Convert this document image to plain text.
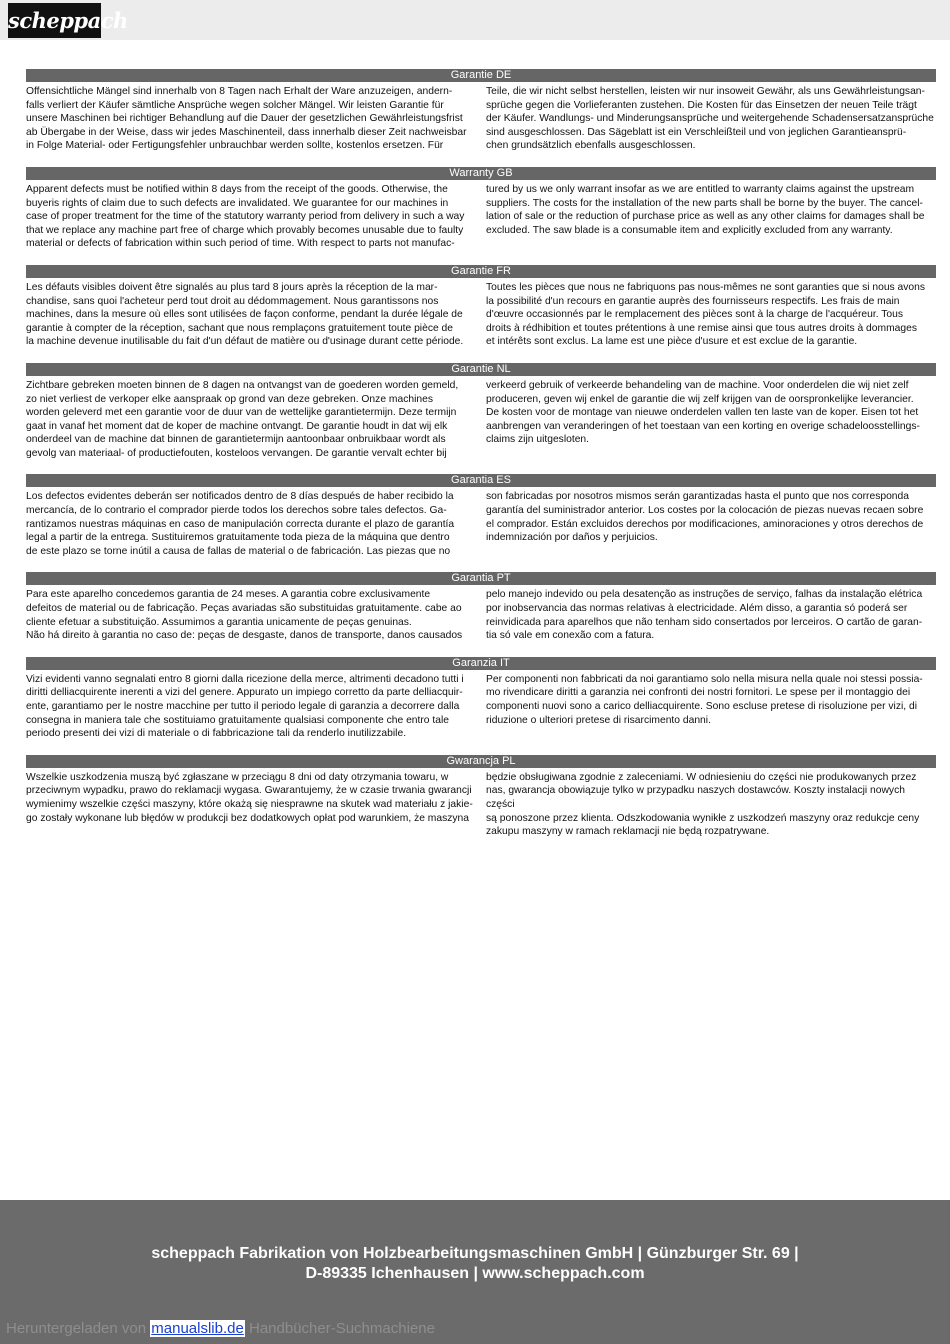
scheppach
Garantie DE
Offensichtliche Mängel sind innerhalb von 8 Tagen nach Erhalt der Ware anzuzeigen, andern-
falls verliert der Käufer sämtliche Ansprüche wegen solcher Mängel. Wir leisten Garantie für
unsere Maschinen bei richtiger Behandlung auf die Dauer der gesetzlichen Gewährleistungsfrist
ab Übergabe in der Weise, dass wir jedes Maschinenteil, dass innerhalb dieser Zeit nachweisbar
in Folge Material- oder Fertigungsfehler unbrauchbar werden sollte, kostenlos ersetzen. Für
Teile, die wir nicht selbst herstellen, leisten wir nur insoweit Gewähr, als uns Gewährleistungsan-
sprüche gegen die Vorlieferanten zustehen. Die Kosten für das Einsetzen der neuen Teile trägt
der Käufer. Wandlungs- und Minderungsansprüche und weitergehende Schadensersatzansprüche
sind ausgeschlossen. Das Sägeblatt ist ein Verschleißteil und von jeglichen Garantieansprü-
chen grundsätzlich ebenfalls ausgeschlossen.
Warranty GB
Apparent defects must be notified within 8 days from the receipt of the goods. Otherwise, the
buyeris rights of claim due to such defects are invalidated. We guarantee for our machines in
case of proper treatment for the time of the statutory warranty period from delivery in such a way
that we replace any machine part free of charge which provably becomes unusable due to faulty
material or defects of fabrication within such period of time. With respect to parts not manufac-
tured by us we only warrant insofar as we are entitled to warranty claims against the upstream
suppliers. The costs for the installation of the new parts shall be borne by the buyer. The cancel-
lation of sale or the reduction of purchase price as well as any other claims for damages shall be
excluded. The saw blade is a consumable item and explicitly excluded from any warranty.
Garantie FR
Les défauts visibles doivent être signalés au plus tard 8 jours après la réception de la mar-
chandise, sans quoi l'acheteur perd tout droit au dédommagement. Nous garantissons nos
machines, dans la mesure où elles sont utilisées de façon conforme, pendant la durée légale de
garantie à compter de la réception, sachant que nous remplaçons gratuitement toute pièce de
la machine devenue inutilisable du fait d'un défaut de matière ou d'usinage durant cette période.
Toutes les pièces que nous ne fabriquons pas nous-mêmes ne sont garanties que si nous avons
la possibilité d'un recours en garantie auprès des fournisseurs respectifs. Les frais de main
d'œuvre occasionnés par le remplacement des pièces sont à la charge de l'acquéreur. Tous
droits à rédhibition et toutes prétentions à une remise ainsi que tous autres droits à dommages
et intérêts sont exclus. La lame est une pièce d'usure et est exclue de la garantie.
Garantie NL
Zichtbare gebreken moeten binnen de 8 dagen na ontvangst van de goederen worden gemeld,
zo niet verliest de verkoper elke aanspraak op grond van deze gebreken. Onze machines
worden geleverd met een garantie voor de duur van de wettelijke garantietermijn. Deze termijn
gaat in vanaf het moment dat de koper de machine ontvangt. De garantie houdt in dat wij elk
onderdeel van de machine dat binnen de garantietermijn aantoonbaar onbruikbaar wordt als
gevolg van materiaal- of productiefouten, kosteloos vervangen. De garantie vervalt echter bij
verkeerd gebruik of verkeerde behandeling van de machine. Voor onderdelen die wij niet zelf
produceren, geven wij enkel de garantie die wij zelf krijgen van de oorspronkelijke leverancier.
De kosten voor de montage van nieuwe onderdelen vallen ten laste van de koper. Eisen tot het
aanbrengen van veranderingen of het toestaan van een korting en overige schadeloosstellings-
claims zijn uitgesloten.
Garantia ES
Los defectos evidentes deberán ser notificados dentro de 8 días después de haber recibido la
mercancía, de lo contrario el comprador pierde todos los derechos sobre tales defectos. Ga-
rantizamos nuestras máquinas en caso de manipulación correcta durante el plazo de garantía
legal a partir de la entrega. Sustituiremos gratuitamente toda pieza de la máquina que dentro
de este plazo se torne inútil a causa de fallas de material o de fabricación. Las piezas que no
son fabricadas por nosotros mismos serán garantizadas hasta el punto que nos corresponda
garantía del suministrador anterior. Los costes por la colocación de piezas nuevas recaen sobre
el comprador. Están excluidos derechos por modificaciones, aminoraciones y otros derechos de
indemnización por daños y perjuicios.
Garantia PT
Para este aparelho concedemos garantia de 24 meses. A garantia cobre exclusivamente
defeitos de material ou de fabricação. Peças avariadas são substituidas gratuitamente. cabe ao
cliente efetuar a substituição. Assumimos a garantia unicamente de peças genuinas.
Não há direito à garantia no caso de: peças de desgaste, danos de transporte, danos causados
pelo manejo indevido ou pela desatenção as instruções de serviço, falhas da instalação elétrica
por inobservancia das normas relativas à electricidade. Além disso, a garantia só poderá ser
reinvidicada para aparelhos que não tenham sido consertados por lerceiros. O cartão de garan-
tia só vale em conexão com a fatura.
Garanzia IT
Vizi evidenti vanno segnalati entro 8 giorni dalla ricezione della merce, altrimenti decadono tutti i
diritti delliacquirente inerenti a vizi del genere. Appurato un impiego corretto da parte delliacquir-
ente, garantiamo per le nostre macchine per tutto il periodo legale di garanzia a decorrere dalla
consegna in maniera tale che sostituiamo gratuitamente qualsiasi componente che entro tale
periodo presenti dei vizi di materiale o di fabbricazione tali da renderlo inutilizzabile.
Per componenti non fabbricati da noi garantiamo solo nella misura nella quale noi stessi possia-
mo rivendicare diritti a garanzia nei confronti dei nostri fornitori. Le spese per il montaggio dei
componenti nuovi sono a carico delliacquirente. Sono escluse pretese di risoluzione per vizi, di
riduzione o ulteriori pretese di risarcimento danni.
Gwarancja PL
Wszelkie uszkodzenia muszą być zgłaszane w przeciągu 8 dni od daty otrzymania towaru, w
przeciwnym wypadku, prawo do reklamacji wygasa. Gwarantujemy, że w czasie trwania gwarancji
wymienimy wszelkie części maszyny, które okażą się niesprawne na skutek wad materiału z jakie-
go zostały wykonane lub błędów w produkcji bez dodatkowych opłat pod warunkiem, że maszyna
będzie obsługiwana zgodnie z zaleceniami. W odniesieniu do części nie produkowanych przez
nas, gwarancja obowiązuje tylko w przypadku naszych dostawców. Koszty instalacji nowych części
są ponoszone przez klienta. Odszkodowania wynikłe z uszkodzeń maszyny oraz redukcje ceny
zakupu maszyny w ramach reklamacji nie będą rozpatrywane.
scheppach Fabrikation von Holzbearbeitungsmaschinen GmbH | Günzburger Str. 69 |
D-89335 Ichenhausen | www.scheppach.com
Heruntergeladen von manualslib.de Handbücher-Suchmachiene
